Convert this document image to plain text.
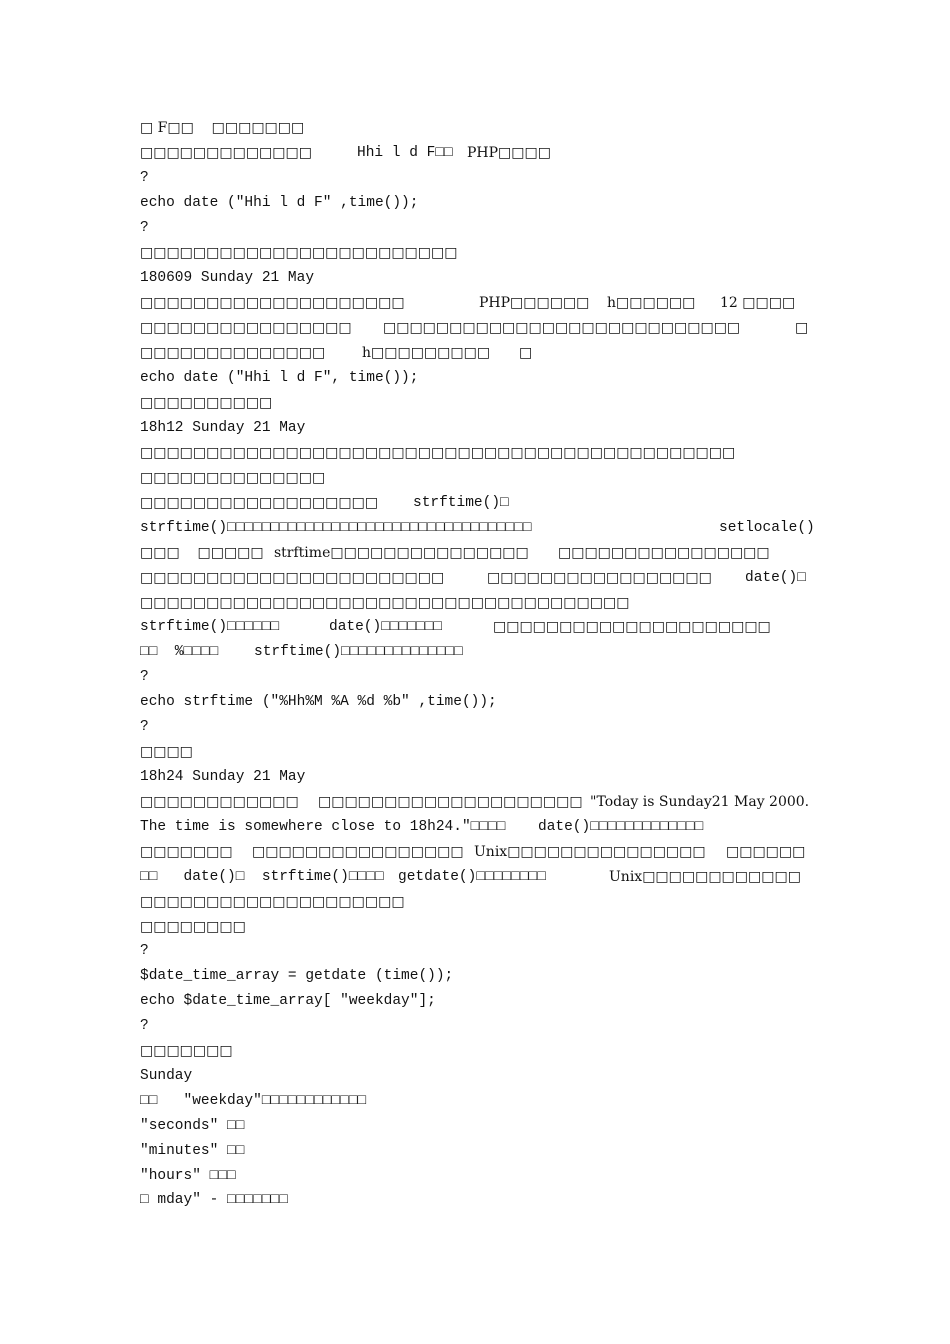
□ F□□    □□□□□□□
□□□□□□□□□□□□□	Hhi l d F□□ PHP□□□□
?
echo date ("Hhi l d F" ,time());
?
□□□□□□□□□□□□□□□□□□□□□□□□
180609 Sunday 21 May
□□□□□□□□□□□□□□□□□□□□	PHP□□□□□□ h□□□□□□ 12 □□□□
□□□□□□□□□□□□□□□□ □□□□□□□□□□□□□□□□□□□□□□□□□□□	□
□□□□□□□□□□□□□□	h□□□□□□□□□ □
echo date ("Hhi l d F", time());
□□□□□□□□□□
18h12 Sunday 21 May
□□□□□□□□□□□□□□□□□□□□□□□□□□□□□□□□□□□□□□□□□□□□□
□□□□□□□□□□□□□□
□□□□□□□□□□□□□□□□□□ strftime()□
strftime()□□□□□□□□□□□□□□□□□□□□□□□□□□□□□□□□□□□	setlocale()
□□□    □□□□□ strftime□□□□□□□□□□□□□□□ □□□□□□□□□□□□□□□□
□□□□□□□□□□□□□□□□□□□□□□□	□□□□□□□□□□□□□□□□□ date()□
□□□□□□□□□□□□□□□□□□□□□□□□□□□□□□□□□□□□□
strftime()□□□□□□	date()□□□□□□□	□□□□□□□□□□□□□□□□□□□□□
□□  %□□□□ strftime()□□□□□□□□□□□□□□
?
echo strftime ("%Hh%M %A %d %b" ,time());
?
□□□□
18h24 Sunday 21 May
□□□□□□□□□□□□ □□□□□□□□□□□□□□□□□□□□ "Today is Sunday21 May 2000.
The time is somewhere close to 18h24."□□□□ date()□□□□□□□□□□□□□
□□□□□□□ □□□□□□□□□□□□□□□□ Unix□□□□□□□□□□□□□□□ □□□□□□
□□   date()□  strftime()□□□□ getdate()□□□□□□□□	Unix□□□□□□□□□□□□
□□□□□□□□□□□□□□□□□□□□
□□□□□□□□
?
$date_time_array = getdate (time());
echo $date_time_array[ "weekday"];
?
□□□□□□□
Sunday
□□   "weekday"□□□□□□□□□□□□
"seconds" □□
"minutes" □□
"hours" □□□
□ mday" - □□□□□□□
